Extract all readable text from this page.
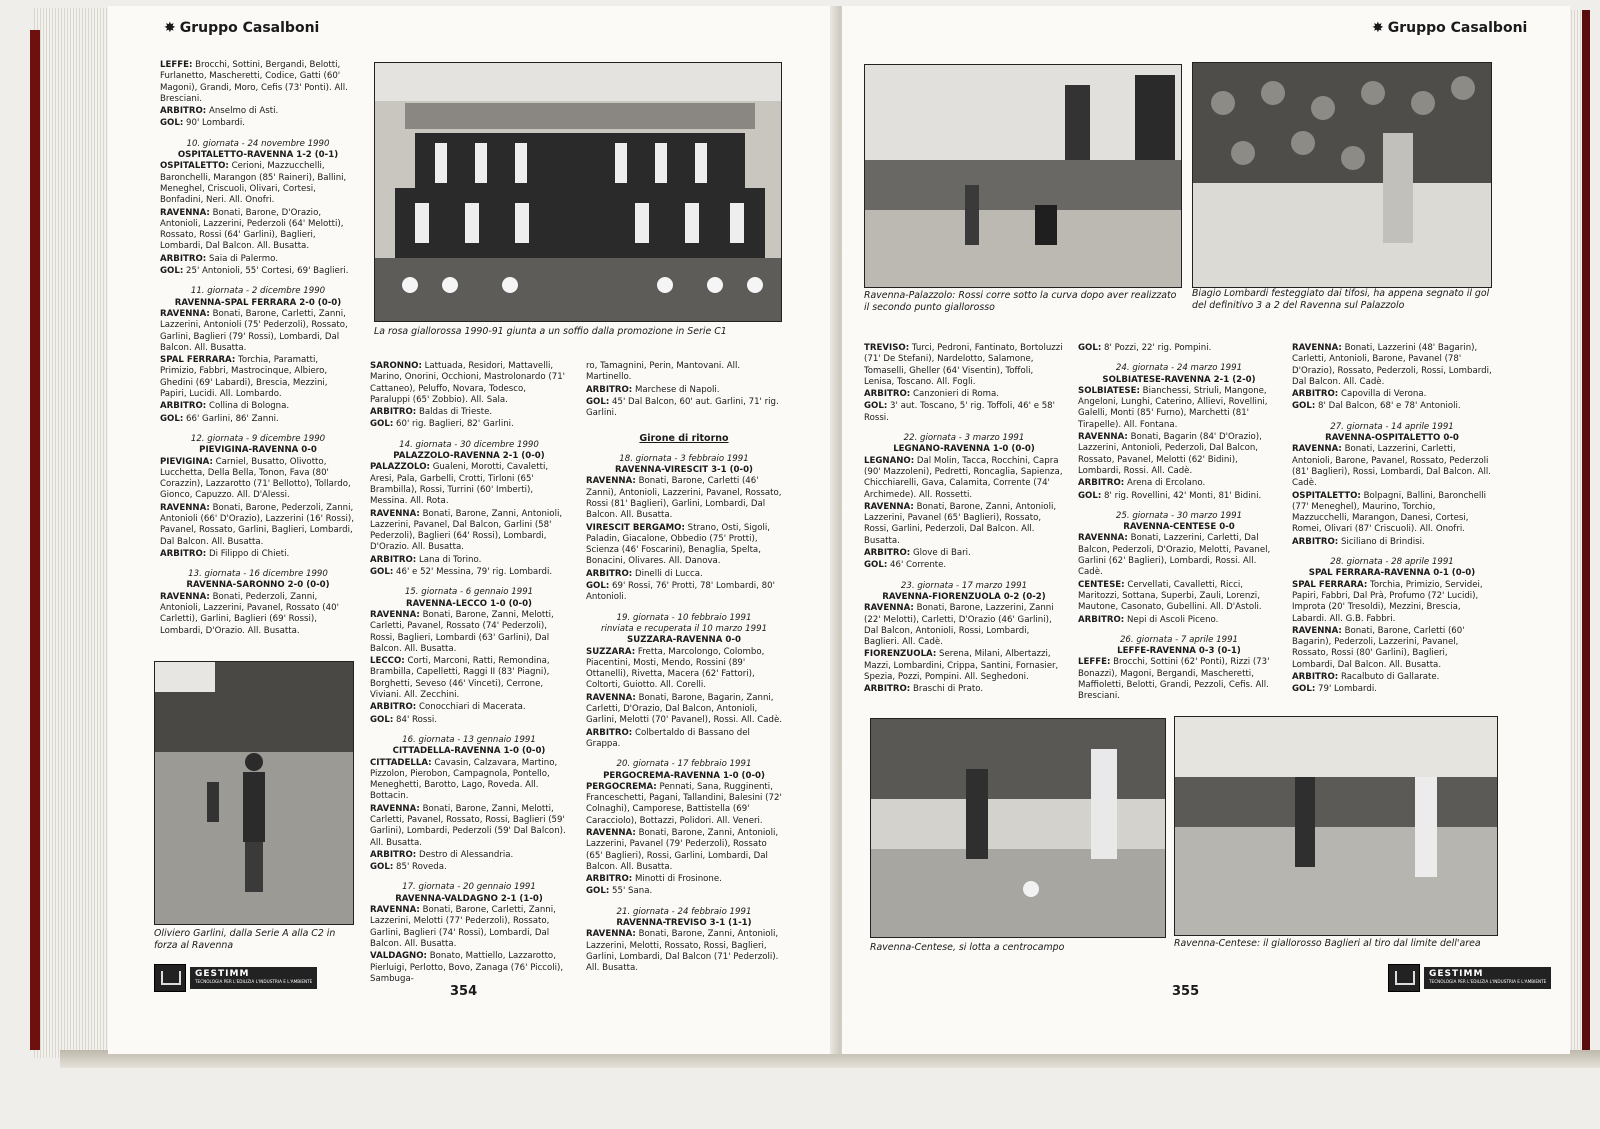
✸ Gruppo Casalboni

LEFFE: Brocchi, Sottini, Bergandi, Belotti, Furlanetto, Mascheretti, Codice, Gatti (60' Magoni), Grandi, Moro, Cefis (73' Ponti). All. Bresciani.

ARBITRO: Anselmo di Asti.

GOL: 90' Lombardi.

10. giornata - 24 novembre 1990
OSPITALETTO-RAVENNA 1-2 (0-1)

OSPITALETTO: Cerioni, Mazzucchelli, Baronchelli, Marangon (85' Raineri), Ballini, Meneghel, Criscuoli, Olivari, Cortesi, Bonfadini, Neri. All. Onofri.

RAVENNA: Bonati, Barone, D'Orazio, Antonioli, Lazzerini, Pederzoli (64' Melotti), Rossato, Rossi (64' Garlini), Baglieri, Lombardi, Dal Balcon. All. Busatta.

ARBITRO: Saia di Palermo.

GOL: 25' Antonioli, 55' Cortesi, 69' Baglieri.

11. giornata - 2 dicembre 1990
RAVENNA-SPAL FERRARA 2-0 (0-0)

RAVENNA: Bonati, Barone, Carletti, Zanni, Lazzerini, Antonioli (75' Pederzoli), Rossato, Garlini, Baglieri (79' Rossi), Lombardi, Dal Balcon. All. Busatta.

SPAL FERRARA: Torchia, Paramatti, Primizio, Fabbri, Mastrocinque, Albiero, Ghedini (69' Labardi), Brescia, Mezzini, Papiri, Lucidi. All. Lombardo.

ARBITRO: Collina di Bologna.

GOL: 66' Garlini, 86' Zanni.

12. giornata - 9 dicembre 1990
PIEVIGINA-RAVENNA 0-0

PIEVIGINA: Carniel, Busatto, Olivotto, Lucchetta, Della Bella, Tonon, Fava (80' Corazzin), Lazzarotto (71' Bellotto), Tollardo, Gionco, Capuzzo. All. D'Alessi.

RAVENNA: Bonati, Barone, Pederzoli, Zanni, Antonioli (66' D'Orazio), Lazzerini (16' Rossi), Pavanel, Rossato, Garlini, Baglieri, Lombardi, Dal Balcon. All. Busatta.

ARBITRO: Di Filippo di Chieti.

13. giornata - 16 dicembre 1990
RAVENNA-SARONNO 2-0 (0-0)

RAVENNA: Bonati, Pederzoli, Zanni, Antonioli, Lazzerini, Pavanel, Rossato (40' Carletti), Garlini, Baglieri (69' Rossi), Lombardi, D'Orazio. All. Busatta.

La rosa giallorossa 1990-91 giunta a un soffio dalla promozione in Serie C1

SARONNO: Lattuada, Residori, Mattavelli, Marino, Onorini, Occhioni, Mastrolonardo (71' Cattaneo), Peluffo, Novara, Todesco, Paraluppi (65' Zobbio). All. Sala.

ARBITRO: Baldas di Trieste.

GOL: 60' rig. Baglieri, 82' Garlini.

14. giornata - 30 dicembre 1990
PALAZZOLO-RAVENNA 2-1 (0-0)

PALAZZOLO: Gualeni, Morotti, Cavaletti, Aresi, Pala, Garbelli, Crotti, Tirloni (65' Brambilla), Rossi, Turrini (60' Imberti), Messina. All. Rota.

RAVENNA: Bonati, Barone, Zanni, Antonioli, Lazzerini, Pavanel, Dal Balcon, Garlini (58' Pederzoli), Baglieri (64' Rossi), Lombardi, D'Orazio. All. Busatta.

ARBITRO: Lana di Torino.

GOL: 46' e 52' Messina, 79' rig. Lombardi.

15. giornata - 6 gennaio 1991
RAVENNA-LECCO 1-0 (0-0)

RAVENNA: Bonati, Barone, Zanni, Melotti, Carletti, Pavanel, Rossato (74' Pederzoli), Rossi, Baglieri, Lombardi (63' Garlini), Dal Balcon. All. Busatta.

LECCO: Corti, Marconi, Ratti, Remondina, Brambilla, Capelletti, Raggi II (83' Piagni), Borghetti, Seveso (46' Vinceti), Cerrone, Viviani. All. Zecchini.

ARBITRO: Conocchiari di Macerata.

GOL: 84' Rossi.

16. giornata - 13 gennaio 1991
CITTADELLA-RAVENNA 1-0 (0-0)

CITTADELLA: Cavasin, Calzavara, Martino, Pizzolon, Pierobon, Campagnola, Pontello, Meneghetti, Barotto, Lago, Roveda. All. Bottacin.

RAVENNA: Bonati, Barone, Zanni, Melotti, Carletti, Pavanel, Rossato, Rossi, Baglieri (59' Garlini), Lombardi, Pederzoli (59' Dal Balcon). All. Busatta.

ARBITRO: Destro di Alessandria.

GOL: 85' Roveda.

17. giornata - 20 gennaio 1991
RAVENNA-VALDAGNO 2-1 (1-0)

RAVENNA: Bonati, Barone, Carletti, Zanni, Lazzerini, Melotti (77' Pederzoli), Rossato, Garlini, Baglieri (74' Rossi), Lombardi, Dal Balcon. All. Busatta.

VALDAGNO: Bonato, Mattiello, Lazzarotto, Pierluigi, Perlotto, Bovo, Zanaga (76' Piccoli), Sambuga-

ro, Tamagnini, Perin, Mantovani. All. Martinello.

ARBITRO: Marchese di Napoli.

GOL: 45' Dal Balcon, 60' aut. Garlini, 71' rig. Garlini.

Girone di ritorno
18. giornata - 3 febbraio 1991
RAVENNA-VIRESCIT 3-1 (0-0)

RAVENNA: Bonati, Barone, Carletti (46' Zanni), Antonioli, Lazzerini, Pavanel, Rossato, Rossi (81' Baglieri), Garlini, Lombardi, Dal Balcon. All. Busatta.

VIRESCIT BERGAMO: Strano, Osti, Sigoli, Paladin, Giacalone, Obbedio (75' Protti), Scienza (46' Foscarini), Benaglia, Spelta, Bonacini, Olivares. All. Danova.

ARBITRO: Dinelli di Lucca.

GOL: 69' Rossi, 76' Protti, 78' Lombardi, 80' Antonioli.

19. giornata - 10 febbraio 1991
rinviata e recuperata il 10 marzo 1991
SUZZARA-RAVENNA 0-0

SUZZARA: Fretta, Marcolongo, Colombo, Piacentini, Mosti, Mendo, Rossini (89' Ottanelli), Rivetta, Macera (62' Fattori), Coltorti, Guiotto. All. Corelli.

RAVENNA: Bonati, Barone, Bagarin, Zanni, Carletti, D'Orazio, Dal Balcon, Antonioli, Garlini, Melotti (70' Pavanel), Rossi. All. Cadè.

ARBITRO: Colbertaldo di Bassano del Grappa.

20. giornata - 17 febbraio 1991
PERGOCREMA-RAVENNA 1-0 (0-0)

PERGOCREMA: Pennati, Sana, Rugginenti, Franceschetti, Pagani, Tallandini, Balesini (72' Colnaghi), Camporese, Battistella (69' Caracciolo), Bottazzi, Polidori. All. Veneri.

RAVENNA: Bonati, Barone, Zanni, Antonioli, Lazzerini, Pavanel (79' Pederzoli), Rossato (65' Baglieri), Rossi, Garlini, Lombardi, Dal Balcon. All. Busatta.

ARBITRO: Minotti di Frosinone.

GOL: 55' Sana.

21. giornata - 24 febbraio 1991
RAVENNA-TREVISO 3-1 (1-1)

RAVENNA: Bonati, Barone, Zanni, Antonioli, Lazzerini, Melotti, Rossato, Rossi, Baglieri, Garlini, Lombardi, Dal Balcon (71' Pederzoli). All. Busatta.

Oliviero Garlini, dalla Serie A alla C2 in forza al Ravenna
GESTIMM
TECNOLOGIA PER L'EDILIZIA L'INDUSTRIA E L'AMBIENTE
354
✸ Gruppo Casalboni
Ravenna-Palazzolo: Rossi corre sotto la curva dopo aver realizzato il secondo punto giallorosso
Biagio Lombardi festeggiato dai tifosi, ha appena segnato il gol del definitivo 3 a 2 del Ravenna sul Palazzolo

TREVISO: Turci, Pedroni, Fantinato, Bortoluzzi (71' De Stefani), Nardelotto, Salamone, Tomaselli, Gheller (64' Visentin), Toffoli, Lenisa, Toscano. All. Fogli.

ARBITRO: Canzonieri di Roma.

GOL: 3' aut. Toscano, 5' rig. Toffoli, 46' e 58' Rossi.

22. giornata - 3 marzo 1991
LEGNANO-RAVENNA 1-0 (0-0)

LEGNANO: Dal Molin, Tacca, Rocchini, Capra (90' Mazzoleni), Pedretti, Roncaglia, Sapienza, Chicchiarelli, Gava, Calamita, Corrente (74' Archimede). All. Rossetti.

RAVENNA: Bonati, Barone, Zanni, Antonioli, Lazzerini, Pavanel (65' Baglieri), Rossato, Rossi, Garlini, Pederzoli, Dal Balcon. All. Busatta.

ARBITRO: Glove di Bari.

GOL: 46' Corrente.

23. giornata - 17 marzo 1991
RAVENNA-FIORENZUOLA 0-2 (0-2)

RAVENNA: Bonati, Barone, Lazzerini, Zanni (22' Melotti), Carletti, D'Orazio (46' Garlini), Dal Balcon, Antonioli, Rossi, Lombardi, Baglieri. All. Cadè.

FIORENZUOLA: Serena, Milani, Albertazzi, Mazzi, Lombardini, Crippa, Santini, Fornasier, Spezia, Pozzi, Pompini. All. Seghedoni.

ARBITRO: Braschi di Prato.

GOL: 8' Pozzi, 22' rig. Pompini.

24. giornata - 24 marzo 1991
SOLBIATESE-RAVENNA 2-1 (2-0)

SOLBIATESE: Bianchessi, Striuli, Mangone, Angeloni, Lunghi, Caterino, Allievi, Rovellini, Galelli, Monti (85' Furno), Marchetti (81' Tirapelle). All. Fontana.

RAVENNA: Bonati, Bagarin (84' D'Orazio), Lazzerini, Antonioli, Pederzoli, Dal Balcon, Rossato, Pavanel, Melotti (62' Bidini), Lombardi, Rossi. All. Cadè.

ARBITRO: Arena di Ercolano.

GOL: 8' rig. Rovellini, 42' Monti, 81' Bidini.

25. giornata - 30 marzo 1991
RAVENNA-CENTESE 0-0

RAVENNA: Bonati, Lazzerini, Carletti, Dal Balcon, Pederzoli, D'Orazio, Melotti, Pavanel, Garlini (62' Baglieri), Lombardi, Rossi. All. Cadè.

CENTESE: Cervellati, Cavalletti, Ricci, Maritozzi, Sottana, Superbi, Zauli, Lorenzi, Mautone, Casonato, Gubellini. All. D'Astoli.

ARBITRO: Nepi di Ascoli Piceno.

26. giornata - 7 aprile 1991
LEFFE-RAVENNA 0-3 (0-1)

LEFFE: Brocchi, Sottini (62' Ponti), Rizzi (73' Bonazzi), Magoni, Bergandi, Mascheretti, Maffioletti, Belotti, Grandi, Pezzoli, Cefis. All. Bresciani.

RAVENNA: Bonati, Lazzerini (48' Bagarin), Carletti, Antonioli, Barone, Pavanel (78' D'Orazio), Rossato, Pederzoli, Rossi, Lombardi, Dal Balcon. All. Cadè.

ARBITRO: Capovilla di Verona.

GOL: 8' Dal Balcon, 68' e 78' Antonioli.

27. giornata - 14 aprile 1991
RAVENNA-OSPITALETTO 0-0

RAVENNA: Bonati, Lazzerini, Carletti, Antonioli, Barone, Pavanel, Rossato, Pederzoli (81' Baglieri), Rossi, Lombardi, Dal Balcon. All. Cadè.

OSPITALETTO: Bolpagni, Ballini, Baronchelli (77' Meneghel), Maurino, Torchio, Mazzucchelli, Marangon, Danesi, Cortesi, Romei, Olivari (87' Criscuoli). All. Onofri.

ARBITRO: Siciliano di Brindisi.

28. giornata - 28 aprile 1991
SPAL FERRARA-RAVENNA 0-1 (0-0)

SPAL FERRARA: Torchia, Primizio, Servidei, Papiri, Fabbri, Dal Prà, Profumo (72' Lucidi), Improta (20' Tresoldi), Mezzini, Brescia, Labardi. All. G.B. Fabbri.

RAVENNA: Bonati, Barone, Carletti (60' Bagarin), Pederzoli, Lazzerini, Pavanel, Rossato, Rossi (80' Garlini), Baglieri, Lombardi, Dal Balcon. All. Busatta.

ARBITRO: Racalbuto di Gallarate.

GOL: 79' Lombardi.

Ravenna-Centese, si lotta a centrocampo	Ravenna-Centese: il giallorosso Baglieri al tiro dal limite dell'area
355
GESTIMM
TECNOLOGIA PER L'EDILIZIA L'INDUSTRIA E L'AMBIENTE
